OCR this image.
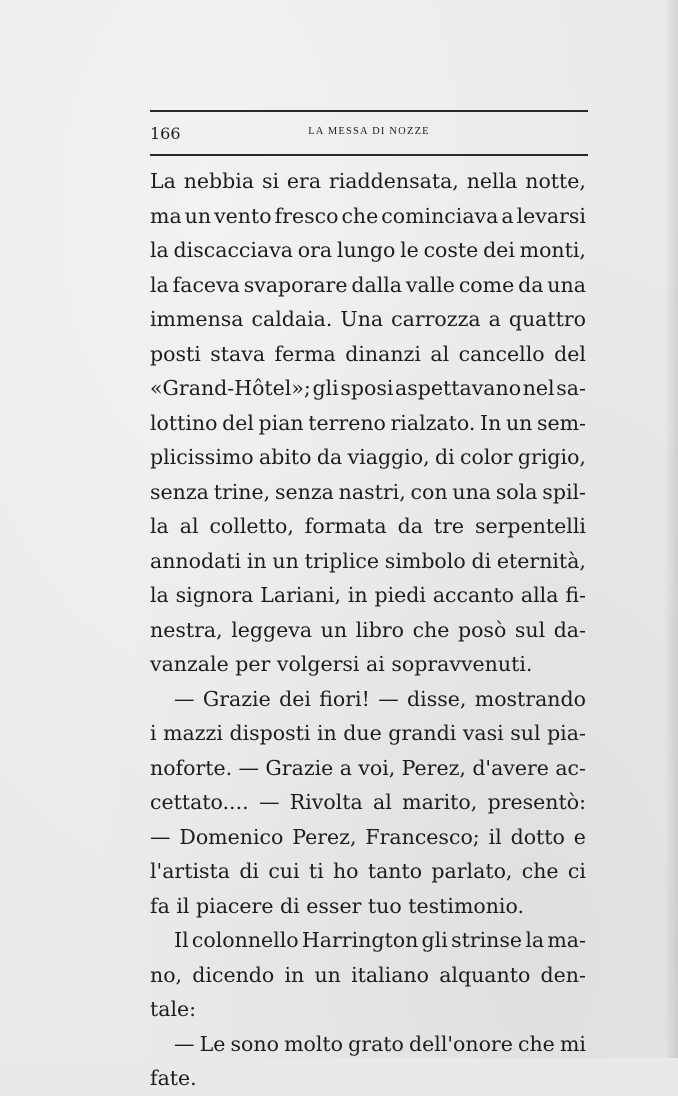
166	LA MESSA DI NOZZE
La nebbia si era riaddensata, nella notte,
ma un vento fresco che cominciava a levarsi
la discacciava ora lungo le coste dei monti,
la faceva svaporare dalla valle come da una
immensa caldaia. Una carrozza a quattro
posti stava ferma dinanzi al cancello del
«Grand-Hôtel»; gli sposi aspettavano nel sa-
lottino del pian terreno rialzato. In un sem-
plicissimo abito da viaggio, di color grigio,
senza trine, senza nastri, con una sola spil-
la al colletto, formata da tre serpentelli
annodati in un triplice simbolo di eternità,
la signora Lariani, in piedi accanto alla fi-
nestra, leggeva un libro che posò sul da-
vanzale per volgersi ai sopravvenuti.
— Grazie dei fiori! — disse, mostrando
i mazzi disposti in due grandi vasi sul pia-
noforte. — Grazie a voi, Perez, d'avere ac-
cettato.... — Rivolta al marito, presentò:
— Domenico Perez, Francesco; il dotto e
l'artista di cui ti ho tanto parlato, che ci
fa il piacere di esser tuo testimonio.
Il colonnello Harrington gli strinse la ma-
no, dicendo in un italiano alquanto den-
tale:
— Le sono molto grato dell'onore che mi
fate.
